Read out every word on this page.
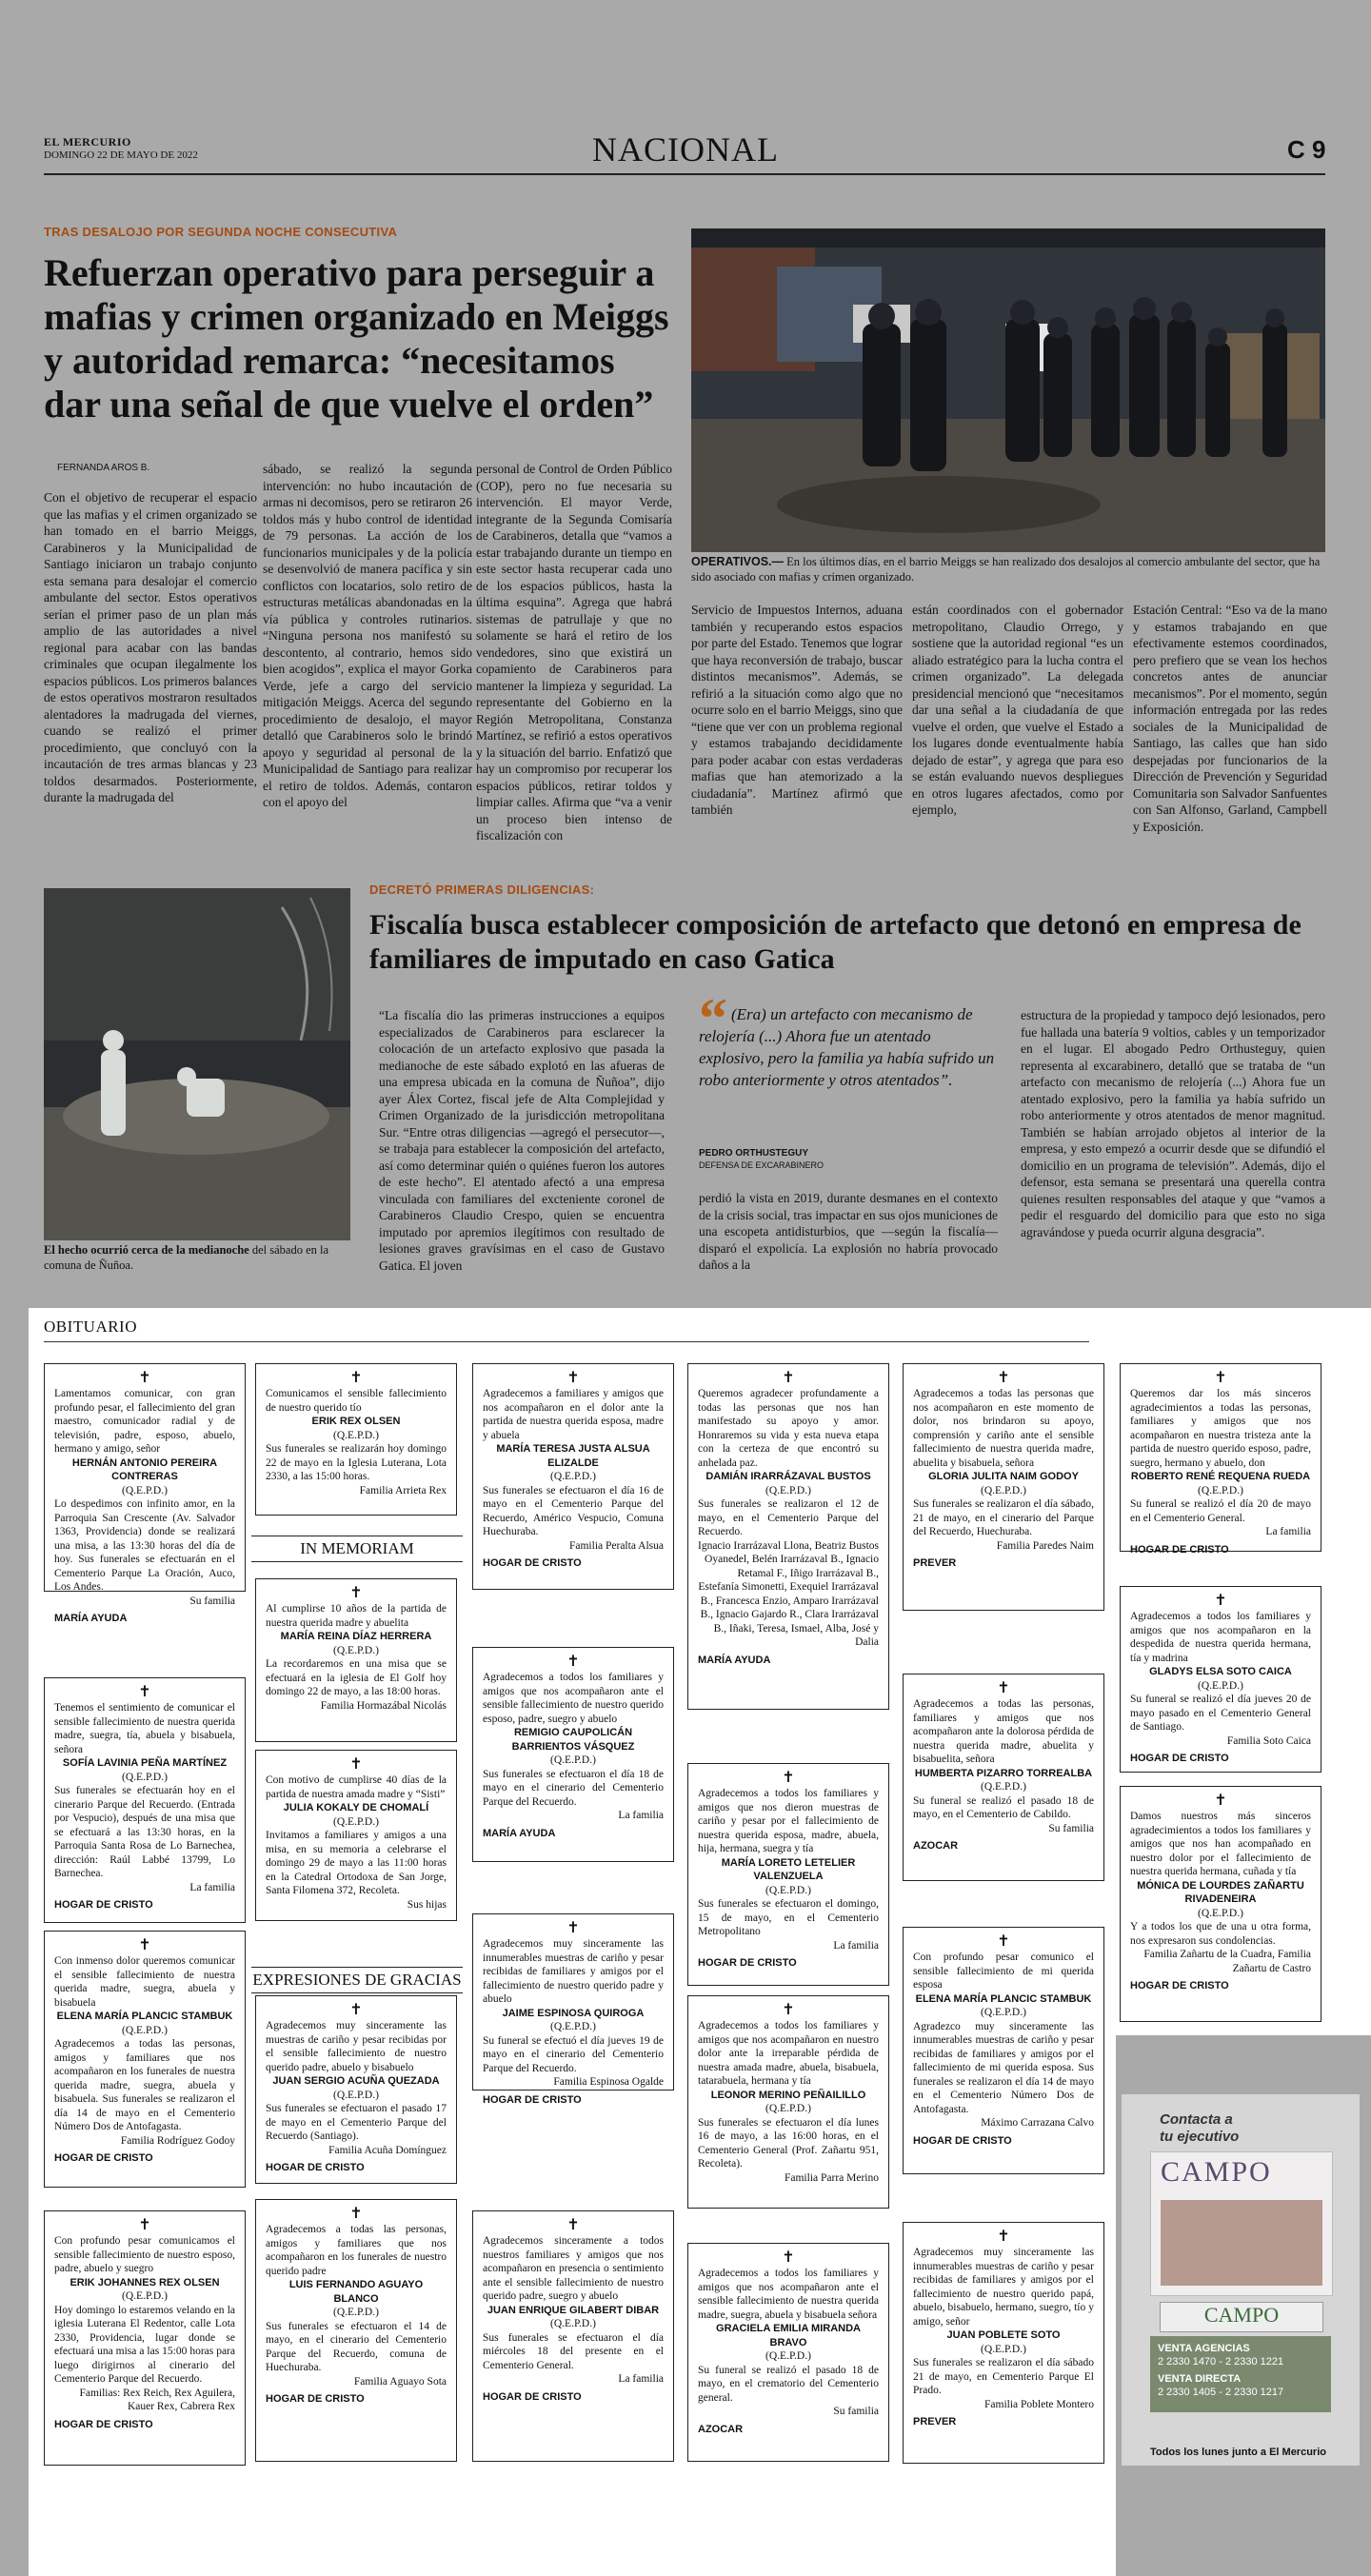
EL MERCURIO
DOMINGO 22 DE MAYO DE 2022	NACIONAL	C 9
TRAS DESALOJO POR SEGUNDA NOCHE CONSECUTIVA
Refuerzan operativo para perseguir a mafias y crimen organizado en Meiggs y autoridad remarca: “necesitamos dar una señal de que vuelve el orden”
FERNANDA AROS B.
Con el objetivo de recuperar el espacio que las mafias y el crimen organizado se han tomado en el barrio Meiggs, Carabineros y la Municipalidad de Santiago iniciaron un trabajo conjunto esta semana para desalojar el comercio ambulante del sector. Estos operativos serían el primer paso de un plan más amplio de las autoridades a nivel regional para acabar con las bandas criminales que ocupan ilegalmente los espacios públicos. Los primeros balances de estos operativos mostraron resultados alentadores la madrugada del viernes, cuando se realizó el primer procedimiento, que concluyó con la incautación de tres armas blancas y 23 toldos desarmados. Posteriormente, durante la madrugada del
sábado, se realizó la segunda intervención: no hubo incautación de armas ni decomisos, pero se retiraron 26 toldos más y hubo control de identidad de 79 personas. La acción de los funcionarios municipales y de la policía se desenvolvió de manera pacífica y sin conflictos con locatarios, solo retiro de estructuras metálicas abandonadas en la vía pública y controles rutinarios. “Ninguna persona nos manifestó su descontento, al contrario, hemos sido bien acogidos”, explica el mayor Gorka Verde, jefe a cargo del servicio mitigación Meiggs. Acerca del segundo procedimiento de desalojo, el mayor detalló que Carabineros solo le brindó apoyo y seguridad al personal de la Municipalidad de Santiago para realizar el retiro de toldos. Además, contaron con el apoyo del
personal de Control de Orden Público (COP), pero no fue necesaria su intervención. El mayor Verde, integrante de la Segunda Comisaría de Carabineros, detalla que “vamos a estar trabajando durante un tiempo en este sector hasta recuperar cada uno de los espacios públicos, hasta la última esquina”. Agrega que habrá sistemas de patrullaje y que no solamente se hará el retiro de los vendedores, sino que existirá un copamiento de Carabineros para mantener la limpieza y seguridad. La representante del Gobierno en la Región Metropolitana, Constanza Martínez, se refirió a estos operativos y la situación del barrio. Enfatizó que hay un compromiso por recuperar los espacios públicos, retirar toldos y limpiar calles. Afirma que “va a venir un proceso bien intenso de fiscalización con
OPERATIVOS.— En los últimos días, en el barrio Meiggs se han realizado dos desalojos al comercio ambulante del sector, que ha sido asociado con mafias y crimen organizado.
Servicio de Impuestos Internos, aduana también y recuperando estos espacios por parte del Estado. Tenemos que lograr que haya reconversión de trabajo, buscar distintos mecanismos”. Además, se refirió a la situación como algo que no ocurre solo en el barrio Meiggs, sino que “tiene que ver con un problema regional y estamos trabajando decididamente para poder acabar con estas verdaderas mafias que han atemorizado a la ciudadanía”. Martínez afirmó que también
están coordinados con el gobernador metropolitano, Claudio Orrego, y sostiene que la autoridad regional “es un aliado estratégico para la lucha contra el crimen organizado”. La delegada presidencial mencionó que “necesitamos dar una señal a la ciudadanía de que vuelve el orden, que vuelve el Estado a los lugares donde eventualmente había dejado de estar”, y agrega que para eso se están evaluando nuevos despliegues en otros lugares afectados, como por ejemplo,
Estación Central: “Eso va de la mano y estamos trabajando en que efectivamente estemos coordinados, pero prefiero que se vean los hechos concretos antes de anunciar mecanismos”. Por el momento, según información entregada por las redes sociales de la Municipalidad de Santiago, las calles que han sido despejadas por funcionarios de la Dirección de Prevención y Seguridad Comunitaria son Salvador Sanfuentes con San Alfonso, Garland, Campbell y Exposición.
El hecho ocurrió cerca de la medianoche del sábado en la comuna de Ñuñoa.
DECRETÓ PRIMERAS DILIGENCIAS:
Fiscalía busca establecer composición de artefacto que detonó en empresa de familiares de imputado en caso Gatica
“La fiscalía dio las primeras instrucciones a equipos especializados de Carabineros para esclarecer la colocación de un artefacto explosivo que pasada la medianoche de este sábado explotó en las afueras de una empresa ubicada en la comuna de Ñuñoa”, dijo ayer Álex Cortez, fiscal jefe de Alta Complejidad y Crimen Organizado de la jurisdicción metropolitana Sur. “Entre otras diligencias —agregó el persecutor—, se trabaja para establecer la composición del artefacto, así como determinar quién o quiénes fueron los autores de este hecho”. El atentado afectó a una empresa vinculada con familiares del excteniente coronel de Carabineros Claudio Crespo, quien se encuentra imputado por apremios ilegítimos con resultado de lesiones graves gravísimas en el caso de Gustavo Gatica. El joven
“ (Era) un artefacto con mecanismo de relojería (...) Ahora fue un atentado explosivo, pero la familia ya había sufrido un robo anteriormente y otros atentados”.
PEDRO ORTHUSTEGUY
DEFENSA DE EXCARABINERO
perdió la vista en 2019, durante desmanes en el contexto de la crisis social, tras impactar en sus ojos municiones de una escopeta antidisturbios, que —según la fiscalía— disparó el expolicía. La explosión no habría provocado daños a la
estructura de la propiedad y tampoco dejó lesionados, pero fue hallada una batería 9 voltios, cables y un temporizador en el lugar. El abogado Pedro Orthusteguy, quien representa al excarabinero, detalló que se trataba de “un artefacto con mecanismo de relojería (...) Ahora fue un atentado explosivo, pero la familia ya había sufrido un robo anteriormente y otros atentados de menor magnitud. También se habían arrojado objetos al interior de la empresa, y esto empezó a ocurrir desde que se difundió el domicilio en un programa de televisión”. Además, dijo el defensor, esta semana se presentará una querella contra quienes resulten responsables del ataque y que “vamos a pedir el resguardo del domicilio para que esto no siga agravándose y pueda ocurrir alguna desgracia”.
OBITUARIO
IN MEMORIAM
EXPRESIONES DE GRACIAS
✝
Lamentamos comunicar, con gran profundo pesar, el fallecimiento del gran maestro, comunicador radial y de televisión, padre, esposo, abuelo, hermano y amigo, señor
HERNÁN ANTONIO PEREIRA CONTRERAS
(Q.E.P.D.)
Lo despedimos con infinito amor, en la Parroquia San Crescente (Av. Salvador 1363, Providencia) donde se realizará una misa, a las 13:30 horas del día de hoy. Sus funerales se efectuarán en el Cementerio Parque La Oración, Auco, Los Andes.
Su familia
MARÍA AYUDA
✝
Tenemos el sentimiento de comunicar el sensible fallecimiento de nuestra querida madre, suegra, tía, abuela y bisabuela, señora
SOFÍA LAVINIA PEÑA MARTÍNEZ
(Q.E.P.D.)
Sus funerales se efectuarán hoy en el cinerario Parque del Recuerdo. (Entrada por Vespucio), después de una misa que se efectuará a las 13:30 horas, en la Parroquia Santa Rosa de Lo Barnechea, dirección: Raúl Labbé 13799, Lo Barnechea.
La familia
HOGAR DE CRISTO
✝
Con inmenso dolor queremos comunicar el sensible fallecimiento de nuestra querida madre, suegra, abuela y bisabuela
ELENA MARÍA PLANCIC STAMBUK
(Q.E.P.D.)
Agradecemos a todas las personas, amigos y familiares que nos acompañaron en los funerales de nuestra querida madre, suegra, abuela y bisabuela. Sus funerales se realizaron el día 14 de mayo en el Cementerio Número Dos de Antofagasta.
Familia Rodríguez Godoy
HOGAR DE CRISTO
✝
Con profundo pesar comunicamos el sensible fallecimiento de nuestro esposo, padre, abuelo y suegro
ERIK JOHANNES REX OLSEN
(Q.E.P.D.)
Hoy domingo lo estaremos velando en la iglesia Luterana El Redentor, calle Lota 2330, Providencia, lugar donde se efectuará una misa a las 15:00 horas para luego dirigirnos al cinerario del Cementerio Parque del Recuerdo.
Familias: Rex Reich, Rex Aguilera, Kauer Rex, Cabrera Rex
HOGAR DE CRISTO
✝
Comunicamos el sensible fallecimiento de nuestro querido tío
ERIK REX OLSEN
(Q.E.P.D.)
Sus funerales se realizarán hoy domingo 22 de mayo en la Iglesia Luterana, Lota 2330, a las 15:00 horas.
Familia Arrieta Rex
✝
Al cumplirse 10 años de la partida de nuestra querida madre y abuelita
MARÍA REINA DÍAZ HERRERA
(Q.E.P.D.)
La recordaremos en una misa que se efectuará en la iglesia de El Golf hoy domingo 22 de mayo, a las 18:00 horas.
Familia Hormazábal Nicolás
✝
Con motivo de cumplirse 40 días de la partida de nuestra amada madre y “Sisti”
JULIA KOKALY DE CHOMALÍ
(Q.E.P.D.)
Invitamos a familiares y amigos a una misa, en su memoria a celebrarse el domingo 29 de mayo a las 11:00 horas en la Catedral Ortodoxa de San Jorge, Santa Filomena 372, Recoleta.
Sus hijas
✝
Agradecemos muy sinceramente las muestras de cariño y pesar recibidas por el sensible fallecimiento de nuestro querido padre, abuelo y bisabuelo
JUAN SERGIO ACUÑA QUEZADA
(Q.E.P.D.)
Sus funerales se efectuaron el pasado 17 de mayo en el Cementerio Parque del Recuerdo (Santiago).
Familia Acuña Domínguez
HOGAR DE CRISTO
✝
Agradecemos a todas las personas, amigos y familiares que nos acompañaron en los funerales de nuestro querido padre
LUIS FERNANDO AGUAYO BLANCO
(Q.E.P.D.)
Sus funerales se efectuaron el 14 de mayo, en el cinerario del Cementerio Parque del Recuerdo, comuna de Huechuraba.
Familia Aguayo Sota
HOGAR DE CRISTO
✝
Agradecemos a familiares y amigos que nos acompañaron en el dolor ante la partida de nuestra querida esposa, madre y abuela
MARÍA TERESA JUSTA ALSUA ELIZALDE
(Q.E.P.D.)
Sus funerales se efectuaron el día 16 de mayo en el Cementerio Parque del Recuerdo, Américo Vespucio, Comuna Huechuraba.
Familia Peralta Alsua
HOGAR DE CRISTO
✝
Agradecemos a todos los familiares y amigos que nos acompañaron ante el sensible fallecimiento de nuestro querido esposo, padre, suegro y abuelo
REMIGIO CAUPOLICÁN BARRIENTOS VÁSQUEZ
(Q.E.P.D.)
Sus funerales se efectuaron el día 18 de mayo en el cinerario del Cementerio Parque del Recuerdo.
La familia
MARÍA AYUDA
✝
Agradecemos muy sinceramente las innumerables muestras de cariño y pesar recibidas de familiares y amigos por el fallecimiento de nuestro querido padre y abuelo
JAIME ESPINOSA QUIROGA
(Q.E.P.D.)
Su funeral se efectuó el día jueves 19 de mayo en el cinerario del Cementerio Parque del Recuerdo.
Familia Espinosa Ogalde
HOGAR DE CRISTO
✝
Agradecemos sinceramente a todos nuestros familiares y amigos que nos acompañaron en presencia o sentimiento ante el sensible fallecimiento de nuestro querido padre, suegro y abuelo
JUAN ENRIQUE GILABERT DIBAR
(Q.E.P.D.)
Sus funerales se efectuaron el día miércoles 18 del presente en el Cementerio General.
La familia
HOGAR DE CRISTO
✝
Queremos agradecer profundamente a todas las personas que nos han manifestado su apoyo y amor. Honraremos su vida y esta nueva etapa con la certeza de que encontró su anhelada paz.
DAMIÁN IRARRÁZAVAL BUSTOS
(Q.E.P.D.)
Sus funerales se realizaron el 12 de mayo, en el Cementerio Parque del Recuerdo.
Ignacio Irarrázaval Llona, Beatriz Bustos Oyanedel, Belén Irarrázaval B., Ignacio Retamal F., Iñigo Irarrázaval B., Estefanía Simonetti, Exequiel Irarrázaval B., Francesca Enzio, Amparo Irarrázaval B., Ignacio Gajardo R., Clara Irarrázaval B., Iñaki, Teresa, Ismael, Alba, José y Dalia
MARÍA AYUDA
✝
Agradecemos a todos los familiares y amigos que nos dieron muestras de cariño y pesar por el fallecimiento de nuestra querida esposa, madre, abuela, hija, hermana, suegra y tía
MARÍA LORETO LETELIER VALENZUELA
(Q.E.P.D.)
Sus funerales se efectuaron el domingo, 15 de mayo, en el Cementerio Metropolitano
La familia
HOGAR DE CRISTO
✝
Agradecemos a todos los familiares y amigos que nos acompañaron en nuestro dolor ante la irreparable pérdida de nuestra amada madre, abuela, bisabuela, tatarabuela, hermana y tía
LEONOR MERINO PEÑAILILLO
(Q.E.P.D.)
Sus funerales se efectuaron el día lunes 16 de mayo, a las 16:00 horas, en el Cementerio General (Prof. Zañartu 951, Recoleta).
Familia Parra Merino
✝
Agradecemos a todos los familiares y amigos que nos acompañaron ante el sensible fallecimiento de nuestra querida madre, suegra, abuela y bisabuela señora
GRACIELA EMILIA MIRANDA BRAVO
(Q.E.P.D.)
Su funeral se realizó el pasado 18 de mayo, en el crematorio del Cementerio general.
Su familia
AZOCAR
✝
Agradecemos a todas las personas que nos acompañaron en este momento de dolor, nos brindaron su apoyo, comprensión y cariño ante el sensible fallecimiento de nuestra querida madre, abuelita y bisabuela, señora
GLORIA JULITA NAIM GODOY
(Q.E.P.D.)
Sus funerales se realizaron el día sábado, 21 de mayo, en el cinerario del Parque del Recuerdo, Huechuraba.
Familia Paredes Naim
PREVER
✝
Agradecemos a todas las personas, familiares y amigos que nos acompañaron ante la dolorosa pérdida de nuestra querida madre, abuelita y bisabuelita, señora
HUMBERTA PIZARRO TORREALBA
(Q.E.P.D.)
Su funeral se realizó el pasado 18 de mayo, en el Cementerio de Cabildo.
Su familia
AZOCAR
✝
Con profundo pesar comunico el sensible fallecimiento de mi querida esposa
ELENA MARÍA PLANCIC STAMBUK
(Q.E.P.D.)
Agradezco muy sinceramente las innumerables muestras de cariño y pesar recibidas de familiares y amigos por el fallecimiento de mi querida esposa. Sus funerales se realizaron el día 14 de mayo en el Cementerio Número Dos de Antofagasta.
Máximo Carrazana Calvo
HOGAR DE CRISTO
✝
Agradecemos muy sinceramente las innumerables muestras de cariño y pesar recibidas de familiares y amigos por el fallecimiento de nuestro querido papá, abuelo, bisabuelo, hermano, suegro, tío y amigo, señor
JUAN POBLETE SOTO
(Q.E.P.D.)
Sus funerales se realizaron el día sábado 21 de mayo, en Cementerio Parque El Prado.
Familia Poblete Montero
PREVER
✝
Queremos dar los más sinceros agradecimientos a todas las personas, familiares y amigos que nos acompañaron en nuestra tristeza ante la partida de nuestro querido esposo, padre, suegro, hermano y abuelo, don
ROBERTO RENÉ REQUENA RUEDA
(Q.E.P.D.)
Su funeral se realizó el día 20 de mayo en el Cementerio General.
La familia
HOGAR DE CRISTO
✝
Agradecemos a todos los familiares y amigos que nos acompañaron en la despedida de nuestra querida hermana, tía y madrina
GLADYS ELSA SOTO CAICA
(Q.E.P.D.)
Su funeral se realizó el día jueves 20 de mayo pasado en el Cementerio General de Santiago.
Familia Soto Caica
HOGAR DE CRISTO
✝
Damos nuestros más sinceros agradecimientos a todos los familiares y amigos que nos han acompañado en nuestro dolor por el fallecimiento de nuestra querida hermana, cuñada y tía
MÓNICA DE LOURDES ZAÑARTU RIVADENEIRA
(Q.E.P.D.)
Y a todos los que de una u otra forma, nos expresaron sus condolencias.
Familia Zañartu de la Cuadra, Familia Zañartu de Castro
HOGAR DE CRISTO
Contacta a
tu ejecutivo
CAMPO
CAMPO
VENTA AGENCIAS
2 2330 1470 - 2 2330 1221
VENTA DIRECTA
2 2330 1405 - 2 2330 1217
Todos los lunes junto a El Mercurio
